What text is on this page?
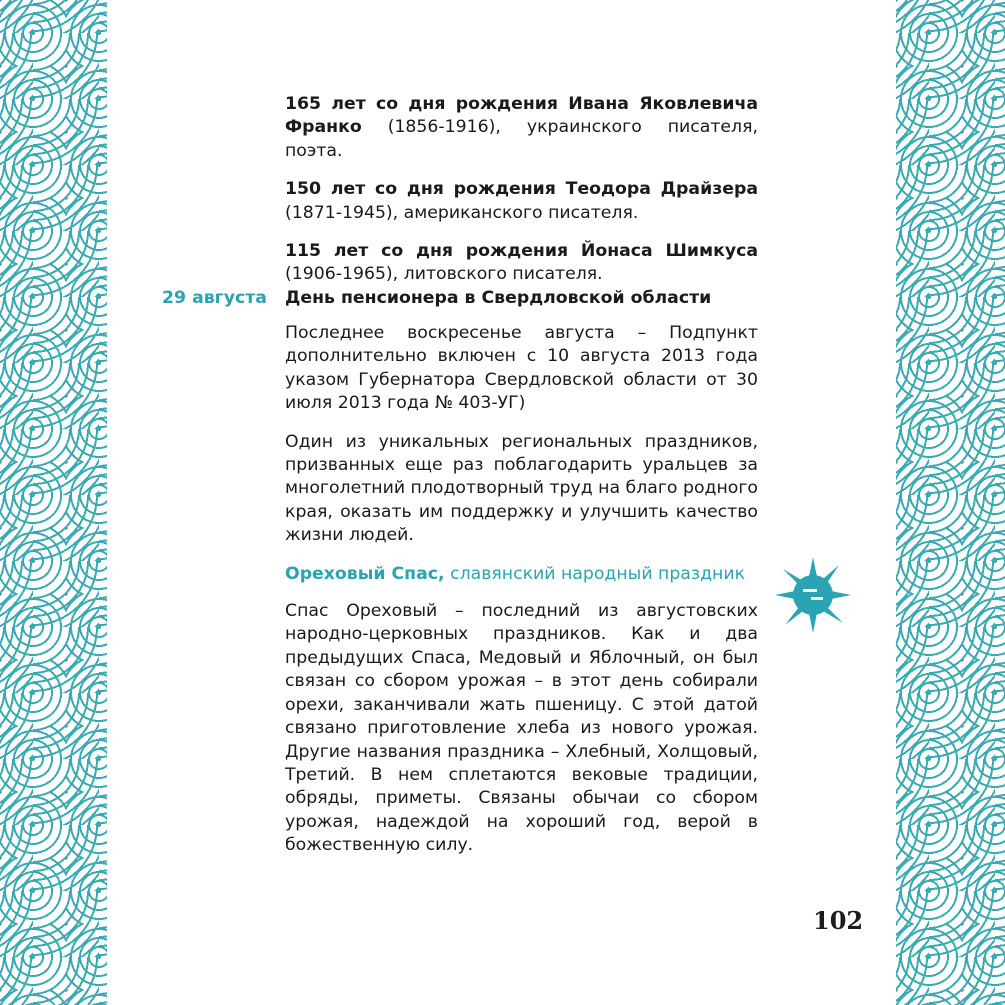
165 лет со дня рождения Ивана Яковлевича Франко (1856-1916), украинского писателя, поэта.

150 лет со дня рождения Теодора Драйзера (1871-1945), американского писателя.

115 лет со дня рождения Йонаса Шимкуса (1906-1965), литовского писателя.

29 августа День пенсионера в Свердловской области

Последнее воскресенье августа – Подпункт дополнительно включен с 10 августа 2013 года указом Губернатора Свердловской области от 30 июля 2013 года № 403-УГ)

Один из уникальных региональных праздников, призванных еще раз поблагодарить уральцев за многолетний плодотворный труд на благо родного края, оказать им поддержку и улучшить качество жизни людей.

Ореховый Спас, славянский народный праздник

Спас Ореховый – последний из августовских народно-церковных праздников. Как и два предыдущих Спаса, Медовый и Яблочный, он был связан со сбором урожая – в этот день собирали орехи, заканчивали жать пшеницу. С этой датой связано приготовление хлеба из нового урожая. Другие названия праздника – Хлебный, Холщовый, Третий. В нем сплетаются вековые традиции, обряды, приметы. Связаны обычаи со сбором урожая, надеждой на хороший год, верой в божественную силу.

102
